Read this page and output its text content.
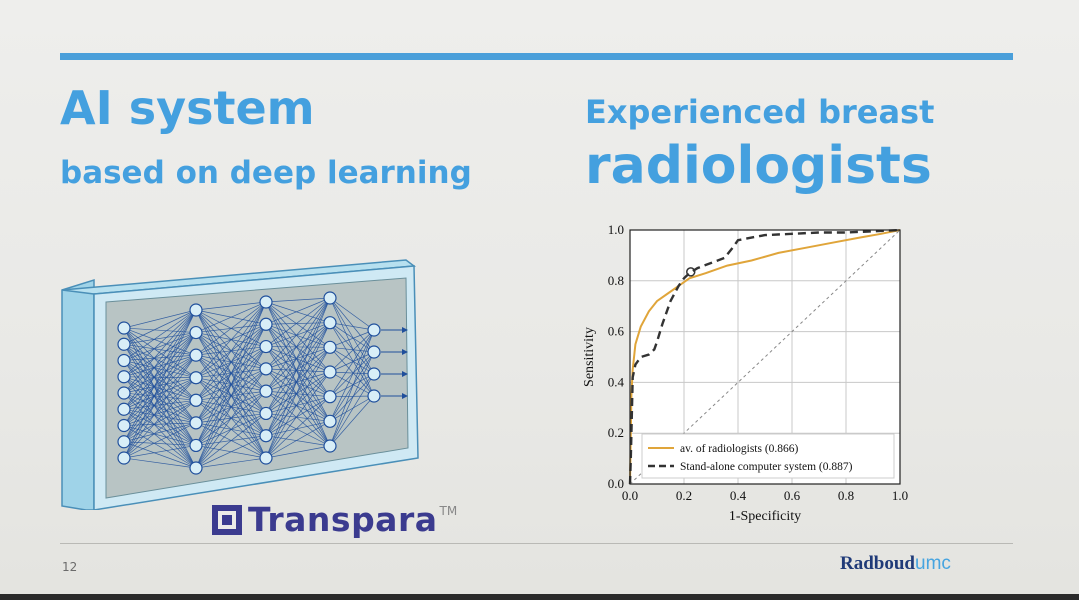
AI system
based on deep learning
Experienced breast
radiologists
Transpara TM
0.0	0.2	0.4	0.6	0.8	1.0
0.0
0.2
0.4
0.6
0.8
1.0
1-Specificity
Sensitivity
av. of radiologists (0.866)
Stand-alone computer system (0.887)
12	Radboudumc
